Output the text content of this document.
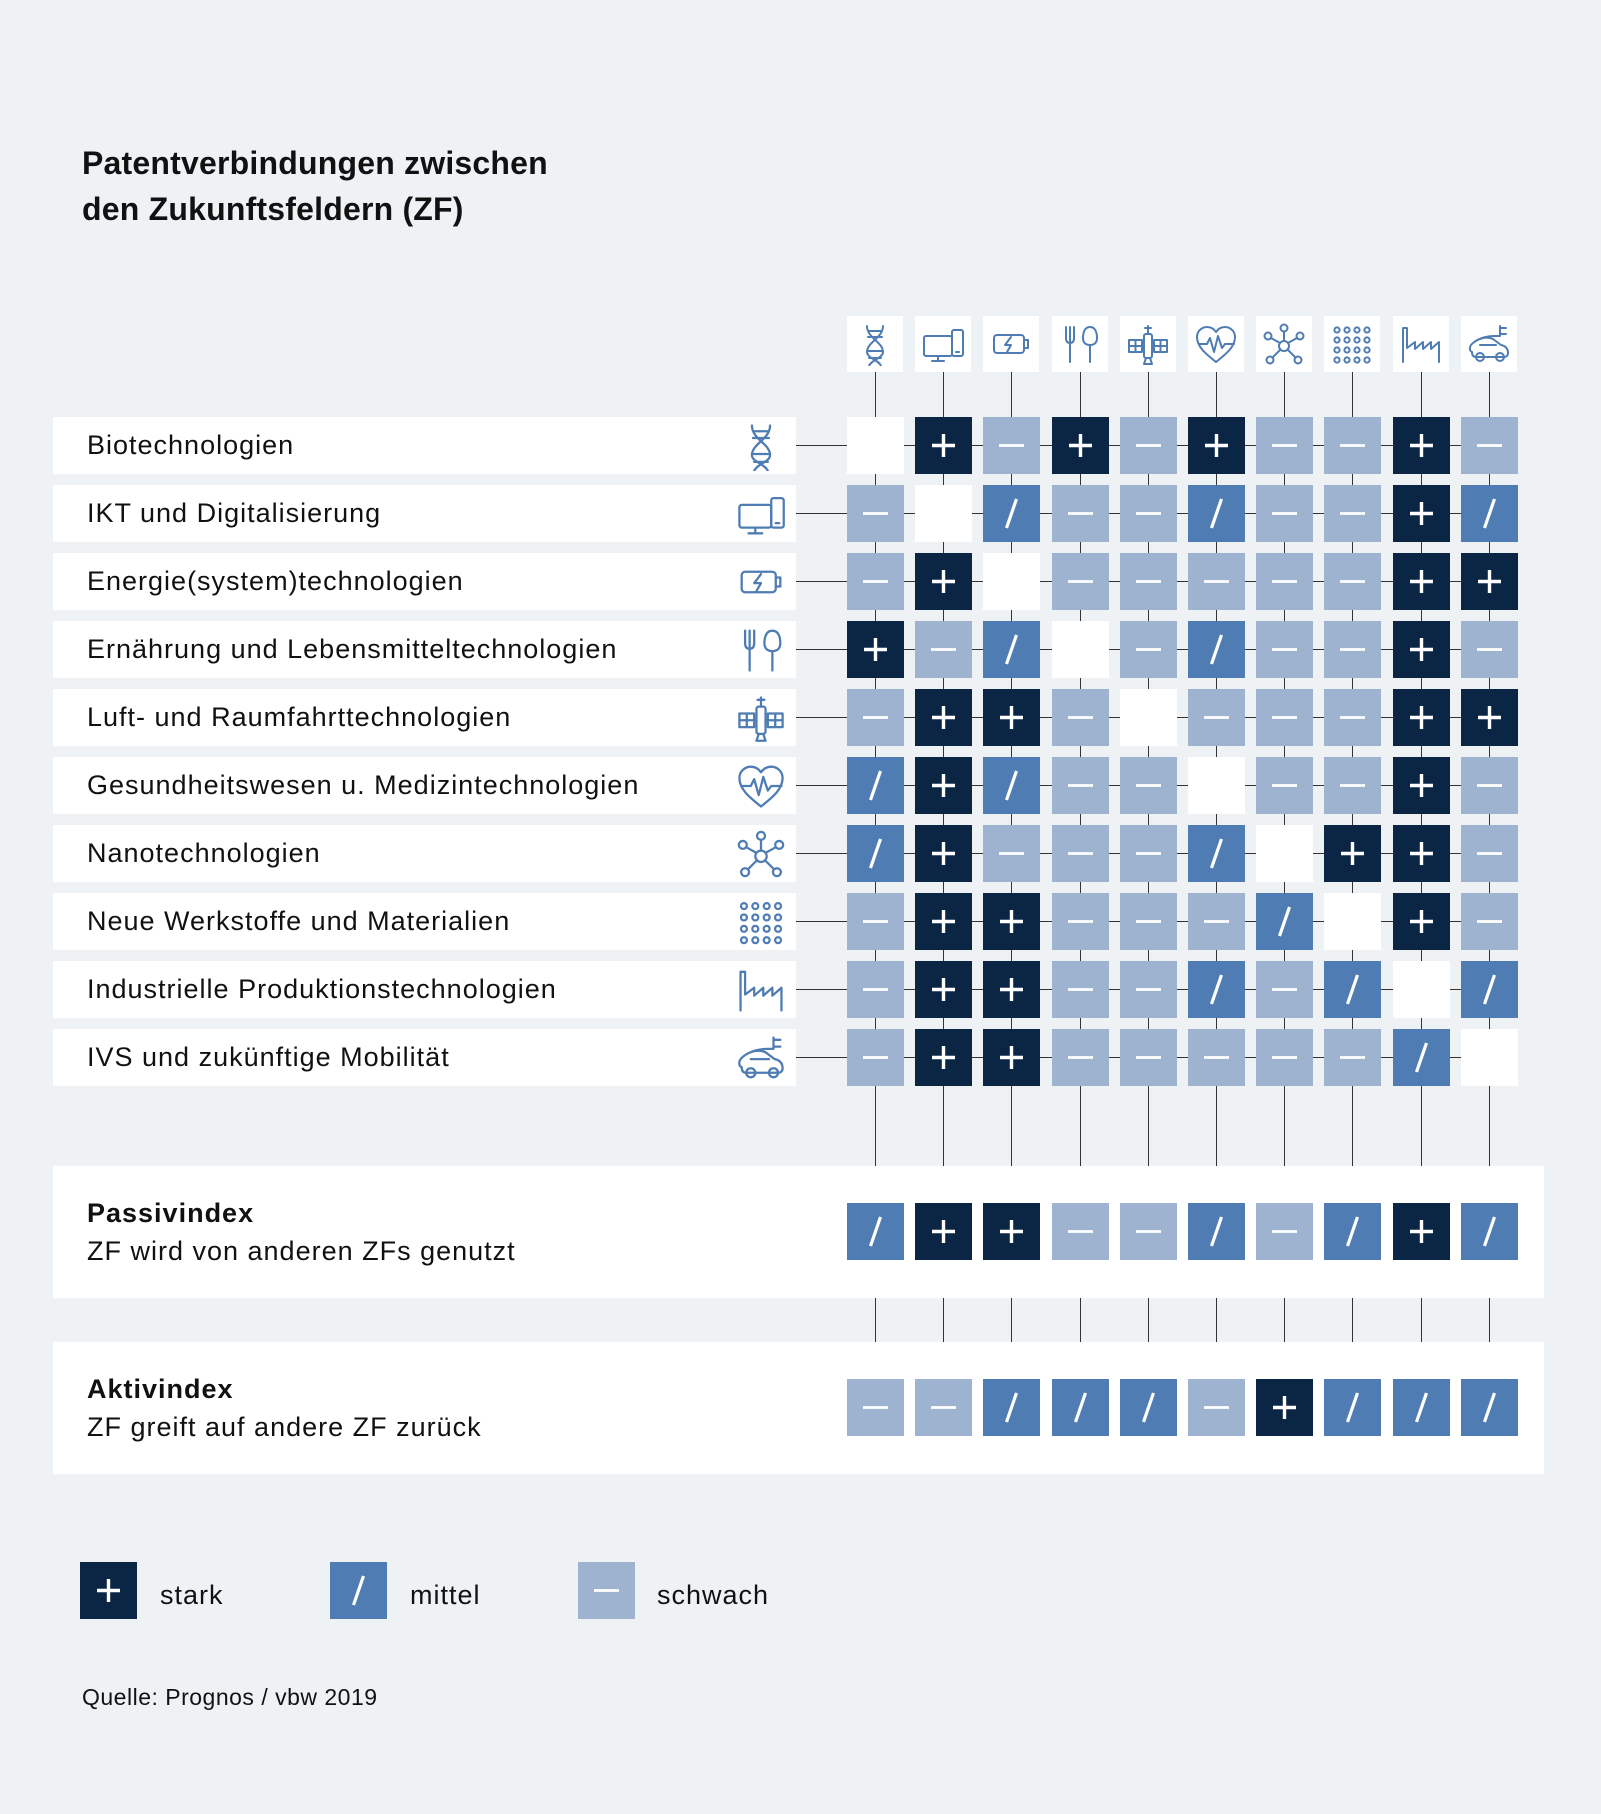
Patentverbindungen zwischen
den Zukunftsfeldern (ZF)
Biotechnologien
IKT und Digitalisierung
Energie(system)technologien
Ernährung und Lebensmitteltechnologien
Luft- und Raumfahrttechnologien
Gesundheitswesen u. Medizintechnologien
Nanotechnologien
Neue Werkstoffe und Materialien
Industrielle Produktionstechnologien
IVS und zukünftige Mobilität
Passivindex
ZF wird von anderen ZFs genutzt
Aktivindex
ZF greift auf andere ZF zurück
stark	mittel	schwach
Quelle: Prognos / vbw 2019
